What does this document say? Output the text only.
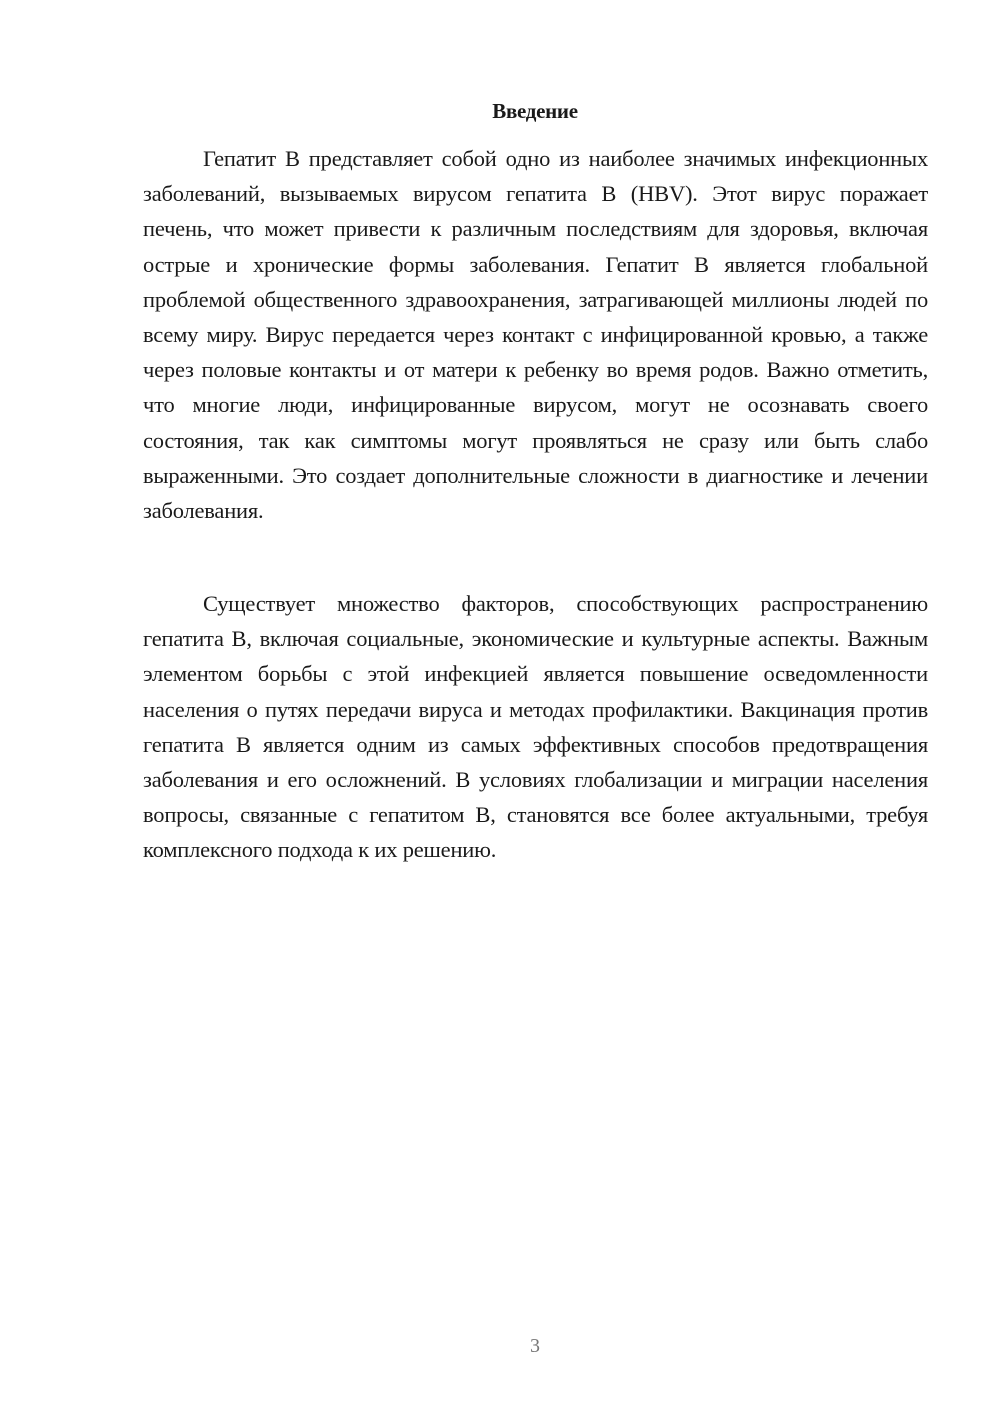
Введение

Гепатит В представляет собой одно из наиболее значимых инфекционных заболеваний, вызываемых вирусом гепатита В (HBV). Этот вирус поражает печень, что может привести к различным последствиям для здоровья, включая острые и хронические формы заболевания. Гепатит В является глобальной проблемой общественного здравоохранения, затрагивающей миллионы людей по всему миру. Вирус передается через контакт с инфицированной кровью, а также через половые контакты и от матери к ребенку во время родов. Важно отметить, что многие люди, инфицированные вирусом, могут не осознавать своего состояния, так как симптомы могут проявляться не сразу или быть слабо выраженными. Это создает дополнительные сложности в диагностике и лечении заболевания.

Существует множество факторов, способствующих распространению гепатита В, включая социальные, экономические и культурные аспекты. Важным элементом борьбы с этой инфекцией является повышение осведомленности населения о путях передачи вируса и методах профилактики. Вакцинация против гепатита В является одним из самых эффективных способов предотвращения заболевания и его осложнений. В условиях глобализации и миграции населения вопросы, связанные с гепатитом В, становятся все более актуальными, требуя комплексного подхода к их решению.

3
